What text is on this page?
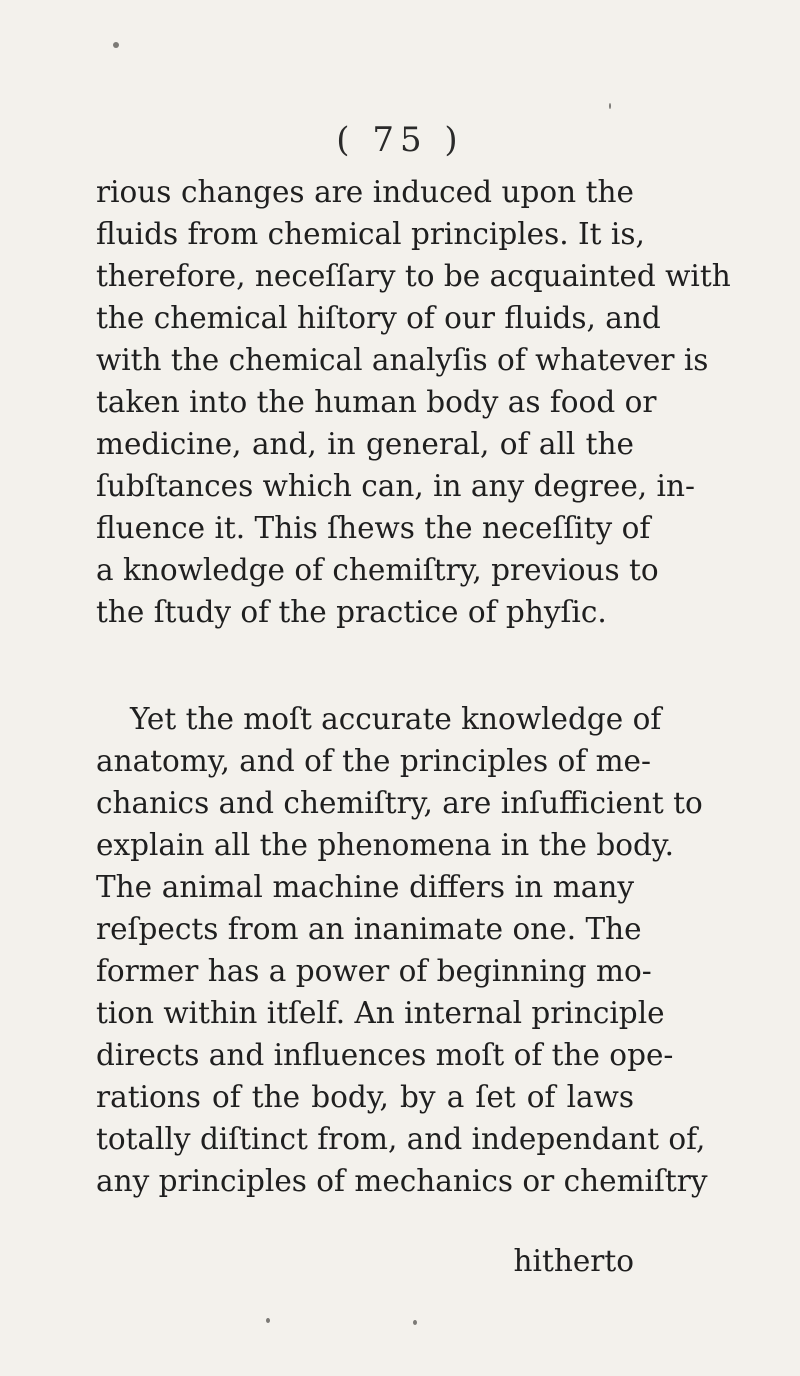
( 75 )
rious changes are induced upon the
fluids from chemical principles. It is,
therefore, neceſſary to be acquainted with
the chemical hiſtory of our fluids, and
with the chemical analyſis of whatever is
taken into the human body as food or
medicine, and, in general, of all the
ſubſtances which can, in any degree, in-
fluence it. This ſhews the neceſſity of
a knowledge of chemiſtry, previous to
the ſtudy of the practice of phyſic.
Yet the moſt accurate knowledge of
anatomy, and of the principles of me-
chanics and chemiſtry, are inſufficient to
explain all the phenomena in the body.
The animal machine differs in many
reſpects from an inanimate one. The
former has a power of beginning mo-
tion within itſelf. An internal principle
directs and influences moſt of the ope-
rations of the body, by a ſet of laws
totally diſtinct from, and independant of,
any principles of mechanics or chemiſtry
hitherto
